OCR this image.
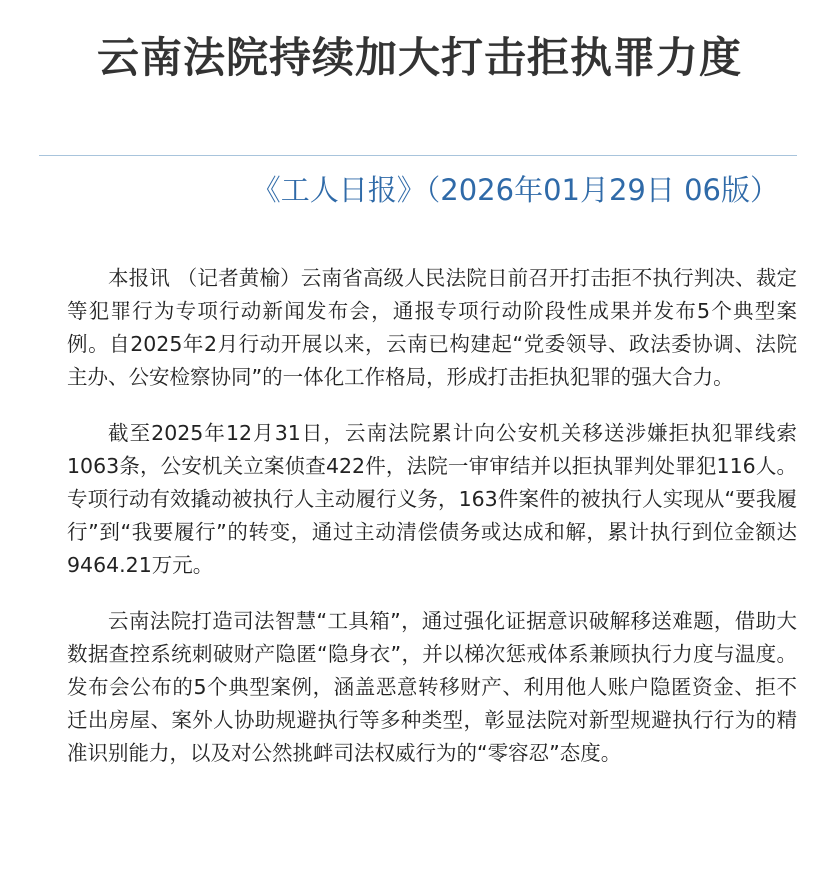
云南法院持续加大打击拒执罪力度
《工人日报》（2026年01月29日 06版）

本报讯 （记者黄榆）云南省高级人民法院日前召开打击拒不执行判决、裁定等犯罪行为专项行动新闻发布会，通报专项行动阶段性成果并发布5个典型案例。自2025年2月行动开展以来，云南已构建起“党委领导、政法委协调、法院主办、公安检察协同”的一体化工作格局，形成打击拒执犯罪的强大合力。

截至2025年12月31日，云南法院累计向公安机关移送涉嫌拒执犯罪线索1063条，公安机关立案侦查422件，法院一审审结并以拒执罪判处罪犯116人。专项行动有效撬动被执行人主动履行义务，163件案件的被执行人实现从“要我履行”到“我要履行”的转变，通过主动清偿债务或达成和解，累计执行到位金额达9464.21万元。

云南法院打造司法智慧“工具箱”，通过强化证据意识破解移送难题，借助大数据查控系统刺破财产隐匿“隐身衣”，并以梯次惩戒体系兼顾执行力度与温度。发布会公布的5个典型案例，涵盖恶意转移财产、利用他人账户隐匿资金、拒不迁出房屋、案外人协助规避执行等多种类型，彰显法院对新型规避执行行为的精准识别能力，以及对公然挑衅司法权威行为的“零容忍”态度。
